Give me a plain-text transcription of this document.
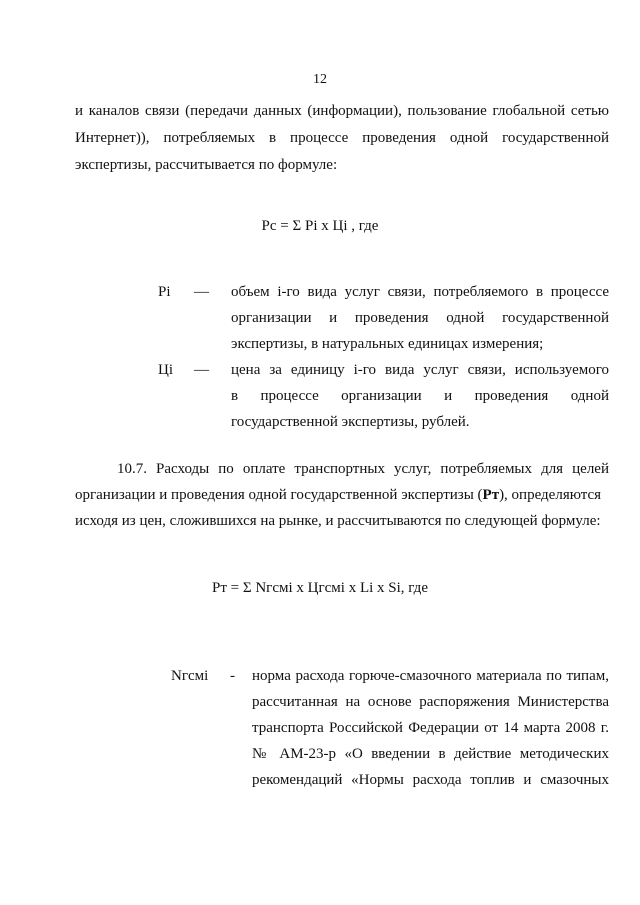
12
и каналов связи (передачи данных (информации), пользование глобальной сетью
Интернет)), потребляемых в процессе проведения одной государственной
экспертизы, рассчитывается по формуле:
Рс = Σ Рі х Цi , где
Pi — объем i-го вида услуг связи, потребляемого в процессе
организации и проведения одной государственной
экспертизы, в натуральных единицах измерения;
Цi — цена за единицу i-го вида услуг связи, используемого
в процессе организации и проведения одной
государственной экспертизы, рублей.
10.7. Расходы по оплате транспортных услуг, потребляемых для целей
организации и проведения одной государственной экспертизы (Рт), определяются
исходя из цен, сложившихся на рынке, и рассчитываются по следующей формуле:
Рт = Σ Nгсмi х Цгсмi х Li х Si, где
Nгсмi - норма расхода горюче-смазочного материала по типам,
рассчитанная на основе распоряжения Министерства
транспорта Российской Федерации от 14 марта 2008 г.
№ АМ-23-р «О введении в действие методических
рекомендаций «Нормы расхода топлив и смазочных
